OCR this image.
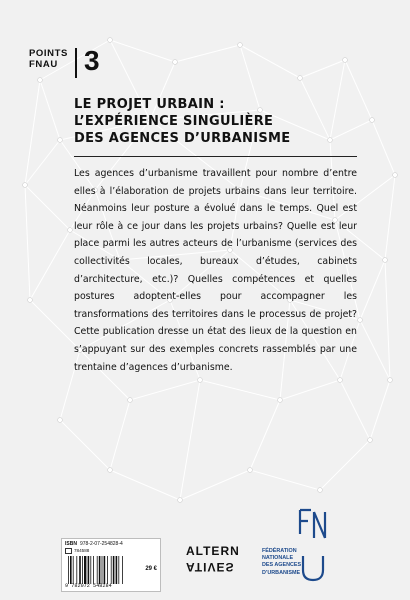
POINTS
FNAU 3
LE PROJET URBAIN :
L’EXPÉRIENCE SINGULIÈRE
DES AGENCES D’URBANISME
Les agences d’urbanisme travaillent pour nombre d’entre elles à l’élaboration de projets urbains dans leur territoire. Néanmoins leur posture a évolué dans le temps. Quel est leur rôle à ce jour dans les projets urbains? Quelle est leur place parmi les autres acteurs de l’urbanisme (services des collectivités locales, bureaux d’études, cabinets d’architecture, etc.)? Quelles compétences et quelles postures adoptent-elles pour accompagner les transformations des territoires dans le processus de projet? Cette publication dresse un état des lieux de la question en s’appuyant sur des exemples concrets rassemblés par une trentaine d’agences d’urbanisme.
ISBN 978-2-07-254828-4
784588
9 782072 548284
29 €
ALTERN
ATIVES
FÉDÉRATION
NATIONALE
DES AGENCES
D’URBANISME
